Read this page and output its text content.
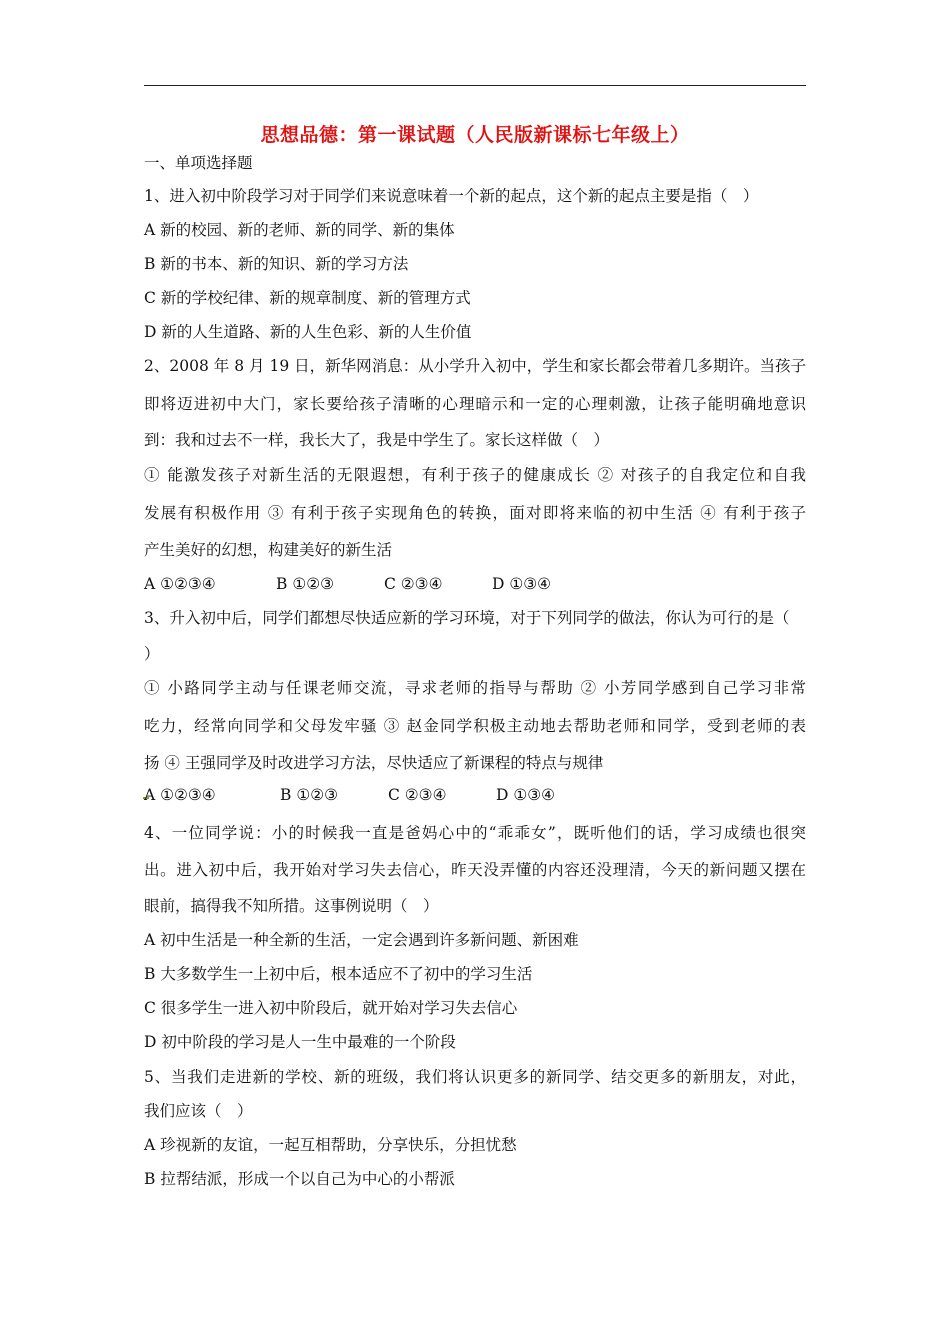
思想品德：第一课试题（人民版新课标七年级上）
一、单项选择题
1、进入初中阶段学习对于同学们来说意味着一个新的起点，这个新的起点主要是指（　）
A 新的校园、新的老师、新的同学、新的集体
B 新的书本、新的知识、新的学习方法
C 新的学校纪律、新的规章制度、新的管理方式
D 新的人生道路、新的人生色彩、新的人生价值
2、2008 年 8 月 19 日，新华网消息：从小学升入初中，学生和家长都会带着几多期许。当孩子
即将迈进初中大门，家长要给孩子清晰的心理暗示和一定的心理刺激，让孩子能明确地意识
到：我和过去不一样，我长大了，我是中学生了。家长这样做（　）
① 能激发孩子对新生活的无限遐想，有利于孩子的健康成长 ② 对孩子的自我定位和自我
发展有积极作用 ③ 有利于孩子实现角色的转换，面对即将来临的初中生活 ④ 有利于孩子
产生美好的幻想，构建美好的新生活
A ①②③④	B ①②③	C ②③④	D ①③④
3、升入初中后，同学们都想尽快适应新的学习环境，对于下列同学的做法，你认为可行的是（
）
① 小路同学主动与任课老师交流，寻求老师的指导与帮助 ② 小芳同学感到自己学习非常
吃力，经常向同学和父母发牢骚 ③ 赵金同学积极主动地去帮助老师和同学，受到老师的表
扬 ④ 王强同学及时改进学习方法，尽快适应了新课程的特点与规律
A ①②③④	B ①②③	C ②③④	D ①③④
4、一位同学说：小的时候我一直是爸妈心中的“乖乖女”，既听他们的话，学习成绩也很突
出。进入初中后，我开始对学习失去信心，昨天没弄懂的内容还没理清，今天的新问题又摆在
眼前，搞得我不知所措。这事例说明（　）
A 初中生活是一种全新的生活，一定会遇到许多新问题、新困难
B 大多数学生一上初中后，根本适应不了初中的学习生活
C 很多学生一进入初中阶段后，就开始对学习失去信心
D 初中阶段的学习是人一生中最难的一个阶段
5、当我们走进新的学校、新的班级，我们将认识更多的新同学、结交更多的新朋友，对此，
我们应该（　）
A 珍视新的友谊，一起互相帮助，分享快乐，分担忧愁
B 拉帮结派，形成一个以自己为中心的小帮派
